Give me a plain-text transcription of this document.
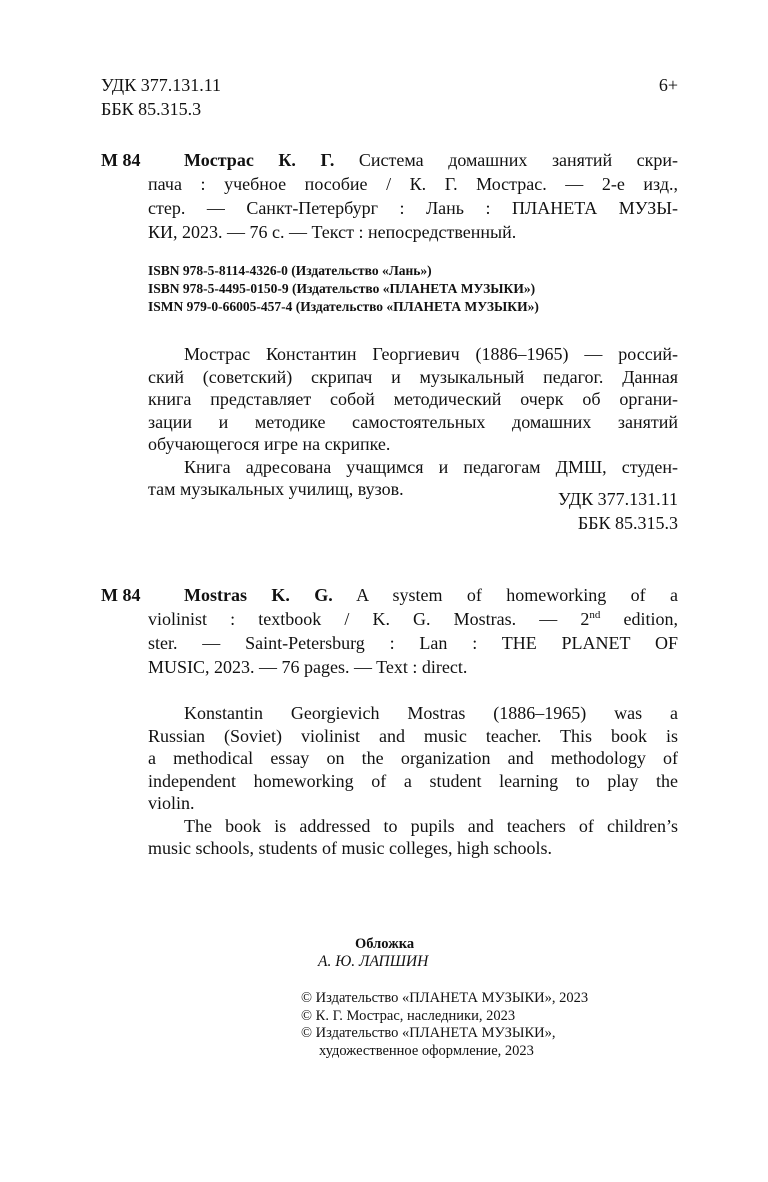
УДК 377.131.11
ББК 85.315.3
6+
М 84	Мострас К. Г. Система домашних занятий скри-
пача : учебное пособие / К. Г. Мострас. — 2-е изд.,
стер. — Санкт-Петербург : Лань : ПЛАНЕТА МУЗЫ-
КИ, 2023. — 76 с. — Текст : непосредственный.
ISBN 978-5-8114-4326-0 (Издательство «Лань»)
ISBN 978-5-4495-0150-9 (Издательство «ПЛАНЕТА МУЗЫКИ»)
ISMN 979-0-66005-457-4 (Издательство «ПЛАНЕТА МУЗЫКИ»)
Мострас Константин Георгиевич (1886–1965) — россий-
ский (советский) скрипач и музыкальный педагог. Данная
книга представляет собой методический очерк об органи-
зации и методике самостоятельных домашних занятий
обучающегося игре на скрипке.
Книга адресована учащимся и педагогам ДМШ, студен-
там музыкальных училищ, вузов.	УДК 377.131.11
ББК 85.315.3
M 84	Mostras K. G. A system of homeworking of a
violinist : textbook / K. G. Mostras. — 2nd edition,
ster. — Saint-Petersburg : Lan : THE PLANET OF
MUSIC, 2023. — 76 pages. — Text : direct.
Konstantin Georgievich Mostras (1886–1965) was a
Russian (Soviet) violinist and music teacher. This book is
a methodical essay on the organization and methodology of
independent homeworking of a student learning to play the
violin.
The book is addressed to pupils and teachers of children’s
music schools, students of music colleges, high schools.
Обложка
А. Ю. ЛАПШИН
© Издательство «ПЛАНЕТА МУЗЫКИ», 2023
© К. Г. Мострас, наследники, 2023
© Издательство «ПЛАНЕТА МУЗЫКИ»,
художественное оформление, 2023
